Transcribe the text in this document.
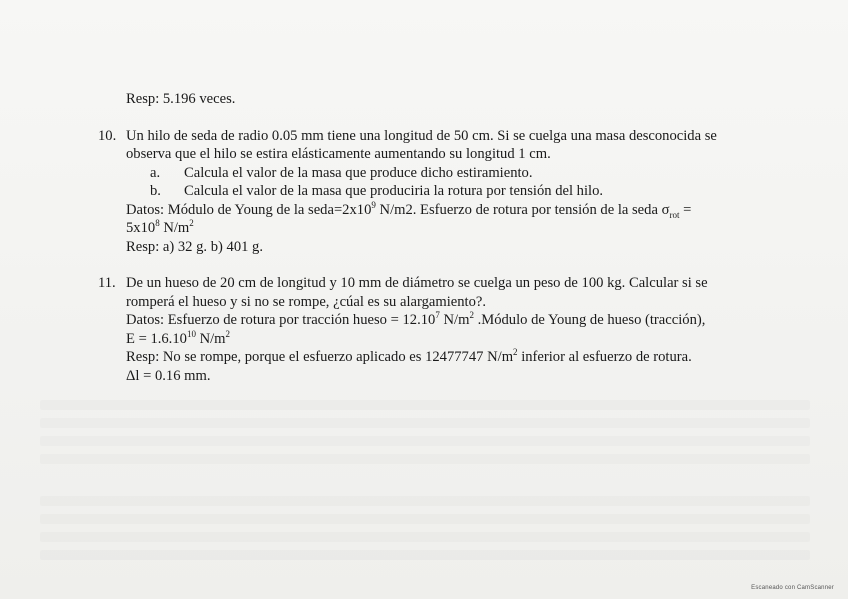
Resp: 5.196 veces.
10. Un hilo de seda de radio 0.05 mm tiene una longitud de 50 cm. Si se cuelga una masa desconocida se
observa que el hilo se estira elásticamente aumentando su longitud 1 cm.
a. Calcula el valor de la masa que produce dicho estiramiento.
b. Calcula el valor de la masa que produciria la rotura por tensión del hilo.
Datos: Módulo de Young de la $seda=2x10^9$ N/m2. Esfuerzo de rotura por tensión de la seda $\sigma_{rot}$ =
$5x10^8$ $N/m^2$
Resp: a) 32 g. b) 401 g.
11. De un hueso de 20 cm de longitud y 10 mm de diámetro se cuelga un peso de 100 kg. Calcular si se
romperá el hueso y si no se rompe, ¿cúal es su alargamiento?.
Datos: Esfuerzo de rotura por tracción hueso = $12.10^7$ $N/m^2$ .Módulo de Young de hueso (tracción),
$E = 1.6.10^{10}$ $N/m^2$
Resp: No se rompe, porque el esfuerzo aplicado es 12477747 $N/m^2$ inferior al esfuerzo de rotura.
Δl = 0.16 mm.
Escaneado con CamScanner
